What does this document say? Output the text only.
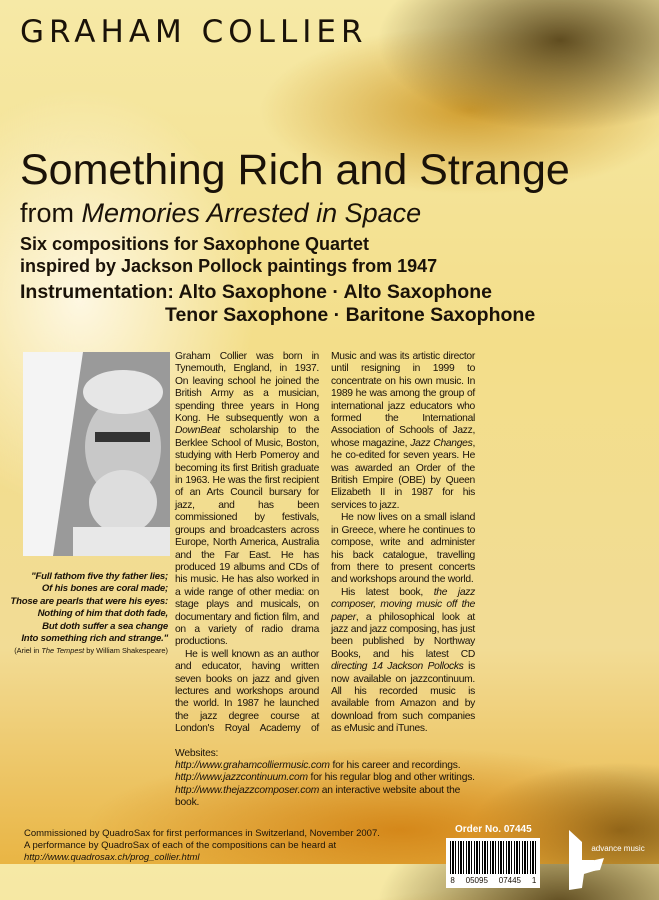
GRAHAM COLLIER
Something Rich and Strange
from Memories Arrested in Space
Six compositions for Saxophone Quartet
inspired by Jackson Pollock paintings from 1947
Instrumentation: Alto Saxophone · Alto Saxophone
Tenor Saxophone · Baritone Saxophone
"Full fathom five thy father lies;
Of his bones are coral made;
Those are pearls that were his eyes:
Nothing of him that doth fade,
But doth suffer a sea change
Into something rich and strange."
(Ariel in The Tempest by William Shakespeare)

Graham Collier was born in Tynemouth, England, in 1937. On leaving school he joined the British Army as a musician, spending three years in Hong Kong. He subsequently won a DownBeat scholarship to the Berklee School of Music, Boston, studying with Herb Pomeroy and becoming its first British graduate in 1963. He was the first recipient of an Arts Council bursary for jazz, and has been commissioned by festivals, groups and broadcasters across Europe, North America, Australia and the Far East. He has produced 19 albums and CDs of his music. He has also worked in a wide range of other media: on stage plays and musicals, on documentary and fiction film, and on a variety of radio drama productions.

He is well known as an author and educator, having written seven books on jazz and given lectures and workshops around the world. In 1987 he launched the jazz degree course at London's Royal Academy of Music and was its artistic director until resigning in 1999 to concentrate on his own music. In 1989 he was among the group of international jazz educators who formed the International Association of Schools of Jazz, whose magazine, Jazz Changes, he co-edited for seven years. He was awarded an Order of the British Empire (OBE) by Queen Elizabeth II in 1987 for his services to jazz.

He now lives on a small island in Greece, where he continues to compose, write and administer his back catalogue, travelling from there to present concerts and workshops around the world.

His latest book, the jazz composer, moving music off the paper, a philosophical look at jazz and jazz composing, has just been published by Northway Books, and his latest CD directing 14 Jackson Pollocks is now available on jazzcontinuum. All his recorded music is available from Amazon and by download from such companies as eMusic and iTunes.

Websites:
http://www.grahamcolliermusic.com for his career and recordings.
http://www.jazzcontinuum.com for his regular blog and other writings.
http://www.thejazzcomposer.com an interactive website about the book.
Commissioned by QuadroSax for first performances in Switzerland, November 2007.
A performance by QuadroSax of each of the compositions can be heard at
http://www.quadrosax.ch/prog_collier.html
Order No. 07445
8 05095 07445 1
advance music
